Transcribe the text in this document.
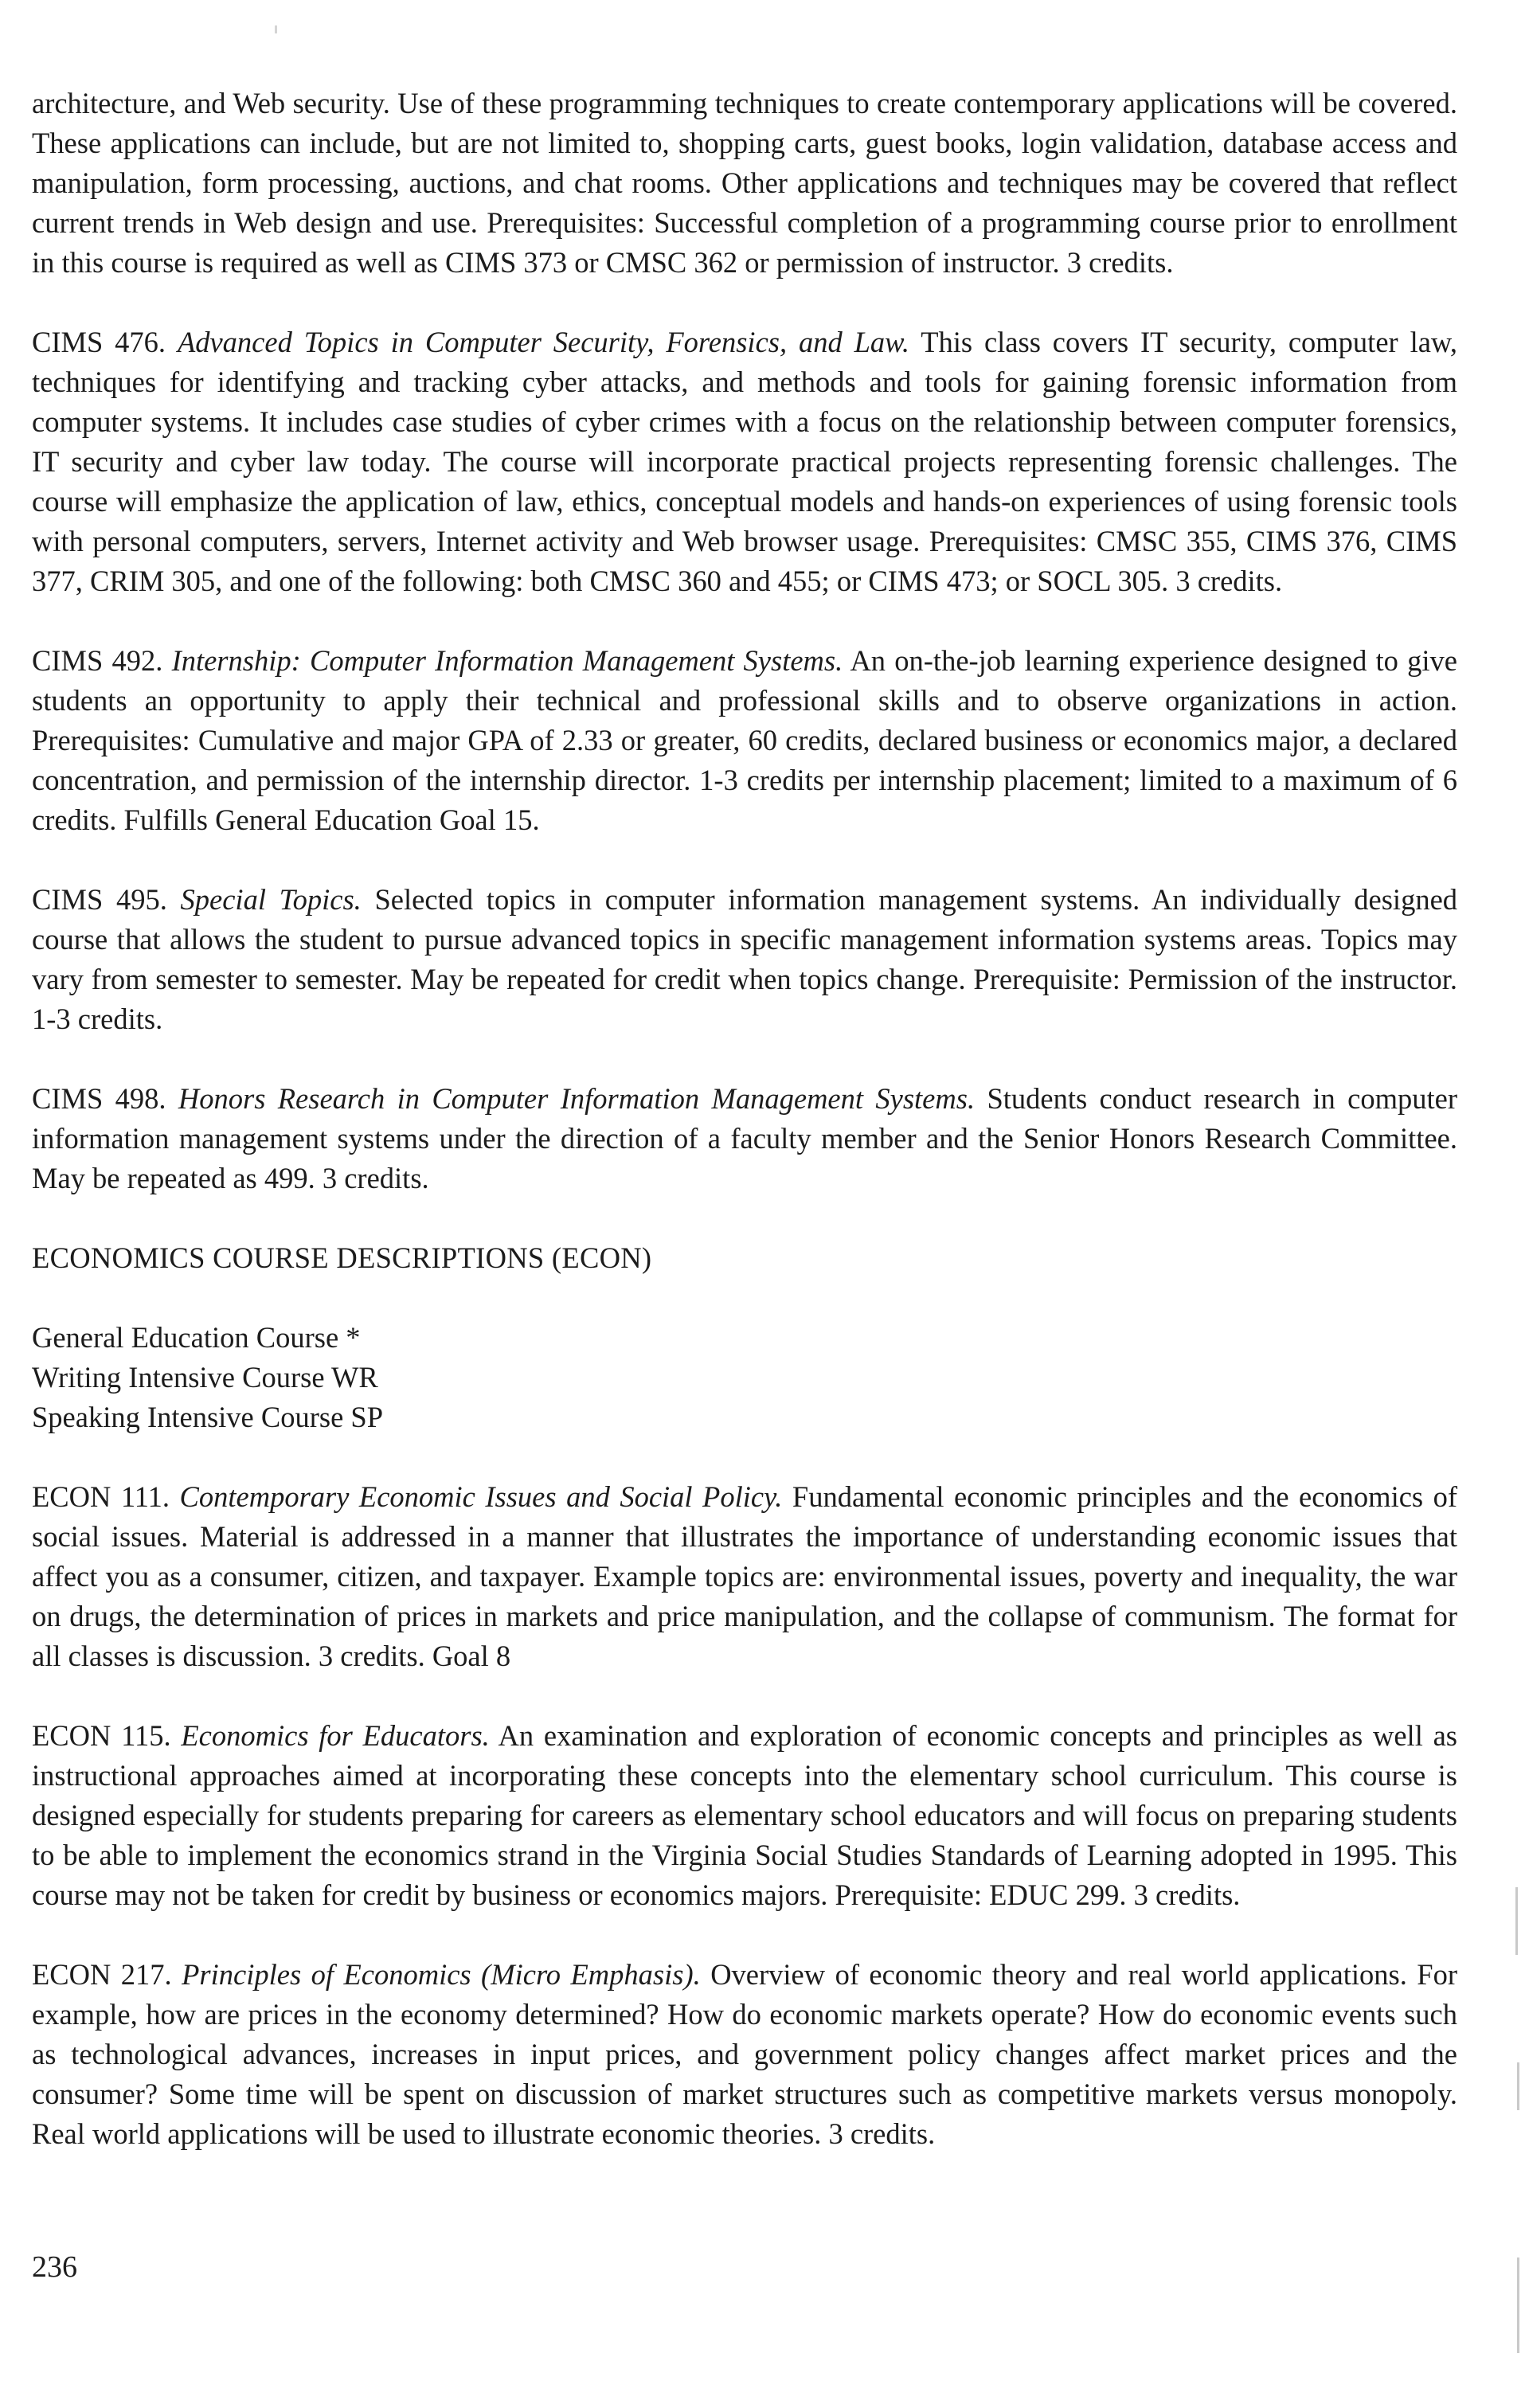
architecture, and Web security. Use of these programming techniques to create contemporary applications will be covered. These applications can include, but are not limited to, shopping carts, guest books, login validation, database access and manipulation, form processing, auctions, and chat rooms. Other applications and techniques may be covered that reflect current trends in Web design and use. Prerequisites: Successful completion of a programming course prior to enrollment in this course is required as well as CIMS 373 or CMSC 362 or permission of instructor. 3 credits.

CIMS 476. Advanced Topics in Computer Security, Forensics, and Law. This class covers IT security, computer law, techniques for identifying and tracking cyber attacks, and methods and tools for gaining forensic information from computer systems. It includes case studies of cyber crimes with a focus on the relationship between computer forensics, IT security and cyber law today. The course will incorporate practical projects representing forensic challenges. The course will emphasize the application of law, ethics, conceptual models and hands-on experiences of using forensic tools with personal computers, servers, Internet activity and Web browser usage. Prerequisites: CMSC 355, CIMS 376, CIMS 377, CRIM 305, and one of the following: both CMSC 360 and 455; or CIMS 473; or SOCL 305. 3 credits.

CIMS 492. Internship: Computer Information Management Systems. An on-the-job learning experience designed to give students an opportunity to apply their technical and professional skills and to observe organizations in action. Prerequisites: Cumulative and major GPA of 2.33 or greater, 60 credits, declared business or economics major, a declared concentration, and permission of the internship director. 1-3 credits per internship placement; limited to a maximum of 6 credits. Fulfills General Education Goal 15.

CIMS 495. Special Topics. Selected topics in computer information management systems. An individually designed course that allows the student to pursue advanced topics in specific management information systems areas. Topics may vary from semester to semester. May be repeated for credit when topics change. Prerequisite: Permission of the instructor. 1-3 credits.

CIMS 498. Honors Research in Computer Information Management Systems. Students conduct research in computer information management systems under the direction of a faculty member and the Senior Honors Research Committee. May be repeated as 499. 3 credits.

ECONOMICS COURSE DESCRIPTIONS (ECON)

General Education Course *
Writing Intensive Course WR
Speaking Intensive Course SP

ECON 111. Contemporary Economic Issues and Social Policy. Fundamental economic principles and the economics of social issues. Material is addressed in a manner that illustrates the importance of understanding economic issues that affect you as a consumer, citizen, and taxpayer. Example topics are: environmental issues, poverty and inequality, the war on drugs, the determination of prices in markets and price manipulation, and the collapse of communism. The format for all classes is discussion. 3 credits. Goal 8

ECON 115. Economics for Educators. An examination and exploration of economic concepts and principles as well as instructional approaches aimed at incorporating these concepts into the elementary school curriculum. This course is designed especially for students preparing for careers as elementary school educators and will focus on preparing students to be able to implement the economics strand in the Virginia Social Studies Standards of Learning adopted in 1995. This course may not be taken for credit by business or economics majors. Prerequisite: EDUC 299. 3 credits.

ECON 217. Principles of Economics (Micro Emphasis). Overview of economic theory and real world applications. For example, how are prices in the economy determined? How do economic markets operate? How do economic events such as technological advances, increases in input prices, and government policy changes affect market prices and the consumer? Some time will be spent on discussion of market structures such as competitive markets versus monopoly. Real world applications will be used to illustrate economic theories. 3 credits.

236
